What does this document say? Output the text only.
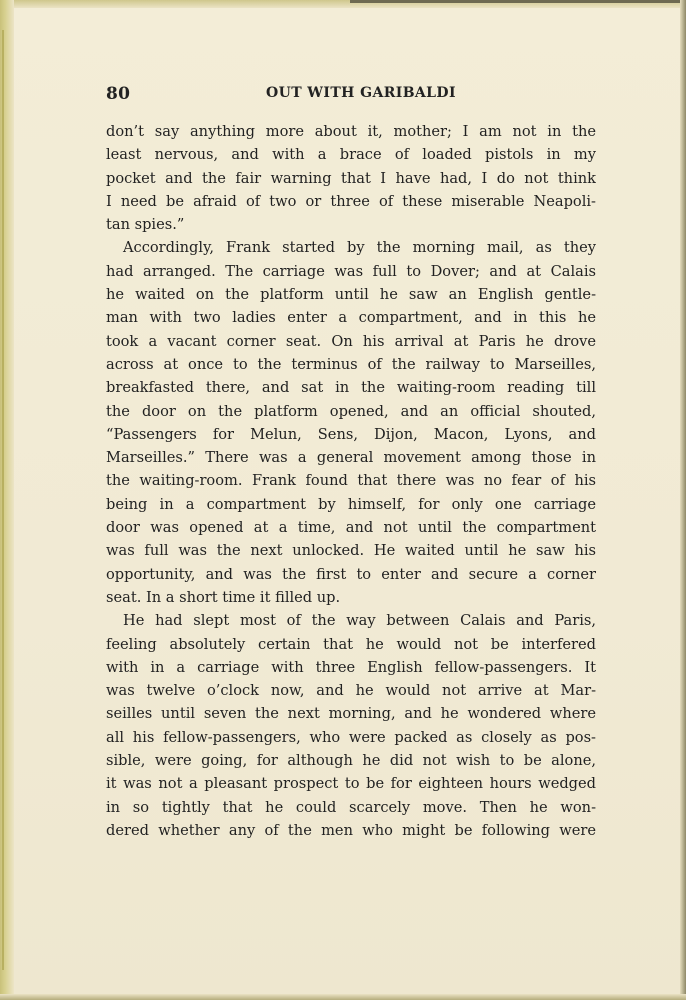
80	OUT WITH GARIBALDI
don’t say anything more about it, mother; I am not in the
least nervous, and with a brace of loaded pistols in my
pocket and the fair warning that I have had, I do not think
I need be afraid of two or three of these miserable Neapoli-
tan spies.”
Accordingly, Frank started by the morning mail, as they
had arranged. The carriage was full to Dover; and at Calais
he waited on the platform until he saw an English gentle-
man with two ladies enter a compartment, and in this he
took a vacant corner seat. On his arrival at Paris he drove
across at once to the terminus of the railway to Marseilles,
breakfasted there, and sat in the waiting-room reading till
the door on the platform opened, and an official shouted,
“Passengers for Melun, Sens, Dijon, Macon, Lyons, and
Marseilles.” There was a general movement among those in
the waiting-room. Frank found that there was no fear of his
being in a compartment by himself, for only one carriage
door was opened at a time, and not until the compartment
was full was the next unlocked. He waited until he saw his
opportunity, and was the first to enter and secure a corner
seat. In a short time it filled up.
He had slept most of the way between Calais and Paris,
feeling absolutely certain that he would not be interfered
with in a carriage with three English fellow-passengers. It
was twelve o’clock now, and he would not arrive at Mar-
seilles until seven the next morning, and he wondered where
all his fellow-passengers, who were packed as closely as pos-
sible, were going, for although he did not wish to be alone,
it was not a pleasant prospect to be for eighteen hours wedged
in so tightly that he could scarcely move. Then he won-
dered whether any of the men who might be following were
